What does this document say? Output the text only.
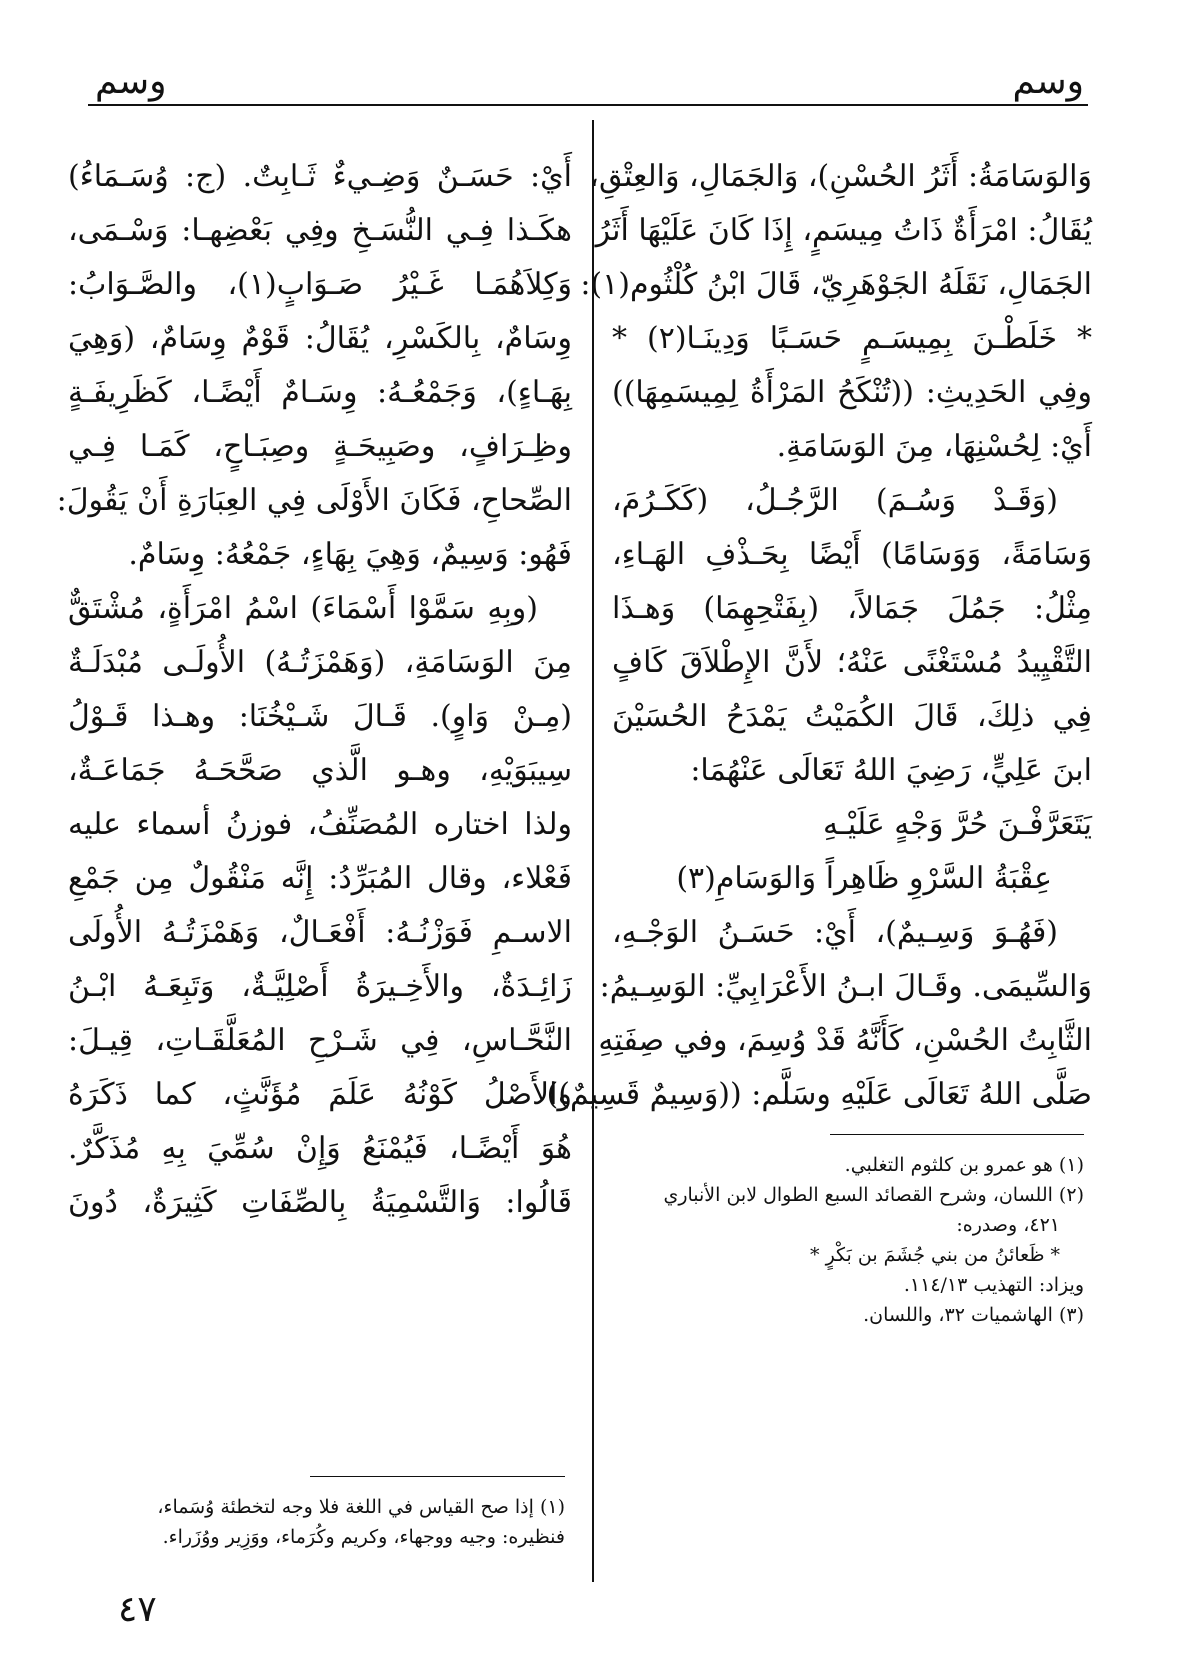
وسم
وسم
وَالوَسَامَةُ: أَثَرُ الحُسْنِ)، وَالجَمَالِ، وَالعِتْقِ،
يُقَالُ: امْرَأَةٌ ذَاتُ مِيسَمٍ، إِذَا كَانَ عَلَيْهَا أَثَرُ
الجَمَالِ، نَقَلَهُ الجَوْهَرِيّ، قَالَ ابْنُ كُلْثُوم(١):
* خَلَطْـنَ بِمِيسَـمٍ حَسَـبًا وَدِينَـا(٢) *
وفِي الحَدِيثِ: ((تُنْكَحُ المَرْأَةُ لِمِيسَمِهَا))
أَيْ: لِحُسْنِهَا، مِنَ الوَسَامَةِ.
(وَقَـدْ وَسُـمَ) الرَّجُـلُ، (كَكَـرُمَ،
وَسَامَةً، وَوَسَامًا) أَيْضًا بِحَـذْفِ الهَـاءِ،
مِثْلُ: جَمُلَ جَمَالاً، (بِفَتْحِهِمَا) وَهـذَا
التَّقْيِيدُ مُسْتَغْنًى عَنْهُ؛ لأَنَّ الإِطْلاَقَ كَافٍ
فِي ذلِكَ، قَالَ الكُمَيْتُ يَمْدَحُ الحُسَيْنَ
ابنَ عَلِيٍّ، رَضِيَ اللهُ تَعَالَى عَنْهُمَا:
يَتَعَرَّفْـنَ حُرَّ وَجْهٍ عَلَيْـهِ
عِقْبَةُ السَّرْوِ ظَاهِراً وَالوَسَامِ(٣)
(فَهُـوَ وَسِـيمٌ)، أَيْ: حَسَـنُ الوَجْـهِ،
وَالسِّيمَى. وقَـالَ ابـنُ الأَعْرَابِيِّ: الوَسِـيمُ:
الثَّابِتُ الحُسْنِ، كَأَنَّهُ قَدْ وُسِمَ، وفي صِفَتِهِ
صَلَّى اللهُ تَعَالَى عَلَيْهِ وسَلَّم: ((وَسِيمٌ قَسِيمٌ))
(١) هو عمرو بن كلثوم التغلبي.
(٢) اللسان، وشرح القصائد السبع الطوال لابن الأنباري
٤٢١، وصدره:
* ظَعائنُ من بني جُشَمَ بن بَكْرٍ *
ويزاد: التهذيب ١١٤/١٣.
(٣) الهاشميات ٣٢، واللسان.
أَيْ: حَسَـنٌ وَضِـيءٌ ثَـابِتٌ. (ج: وُسَـمَاءُ)
هكَـذا فِـي النُّسَـخِ وفِي بَعْضِهـا: وَسْـمَى،
وَكِلاَهُمَـا غَـيْرُ صَـوَابٍ(١)، والصَّـوَابُ:
وِسَامٌ، بِالكَسْرِ، يُقَالُ: قَوْمٌ وِسَامٌ، (وَهِيَ
بِهَـاءٍ)، وَجَمْعُـهُ: وِسَـامٌ أَيْضًـا، كَظَرِيفَـةٍ
وظِـرَافٍ، وصَبِيحَـةٍ وصِبَـاحٍ، كَمَـا فِـي
الصِّحاحِ، فَكَانَ الأَوْلَى فِي العِبَارَةِ أَنْ يَقُولَ:
فَهُو: وَسِيمٌ، وَهِيَ بِهَاءٍ، جَمْعُهُ: وِسَامٌ.
(وبِهِ سَمَّوْا أَسْمَاءَ) اسْمُ امْرَأَةٍ، مُشْتَقٌّ
مِنَ الوَسَامَةِ، (وَهَمْزَتُـهُ) الأُولَـى مُبْدَلَـةٌ
(مِـنْ وَاوٍ). قَـالَ شَـيْخُنَا: وهـذا قَـوْلُ
سِيبَوَيْهِ، وهـو الَّذي صَحَّحَـهُ جَمَاعَـةٌ،
ولذا اختاره المُصَنِّفُ، فوزنُ أسماء عليه
فَعْلاء، وقال المُبَرِّدُ: إِنَّه مَنْقُولٌ مِن جَمْعِ
الاسـمِ فَوَزْنُـهُ: أَفْعَـالٌ، وَهَمْزَتُـهُ الأُولَى
زَائِـدَةٌ، والأَخِـيرَةُ أَصْلِيَّـةٌ، وَتَبِعَـهُ ابْـنُ
النَّحَّـاسِ، فِي شَـرْحِ المُعَلَّقَـاتِ، قِيـلَ:
والأَصْلُ كَوْنُهُ عَلَمَ مُؤَنَّثٍ، كما ذَكَرَهُ
هُوَ أَيْضًـا، فَيُمْنَعُ وَإِنْ سُمِّيَ بِهِ مُذَكَّرٌ.
قَالُوا: وَالتَّسْمِيَةُ بِالصِّفَاتِ كَثِيرَةٌ، دُونَ
(١) إذا صح القياس في اللغة فلا وجه لتخطئة وُسَماء،
فنظيره: وجيه ووجهاء، وكريم وكُرَماء، ووَزِير ووُزَراء.
٤٧
